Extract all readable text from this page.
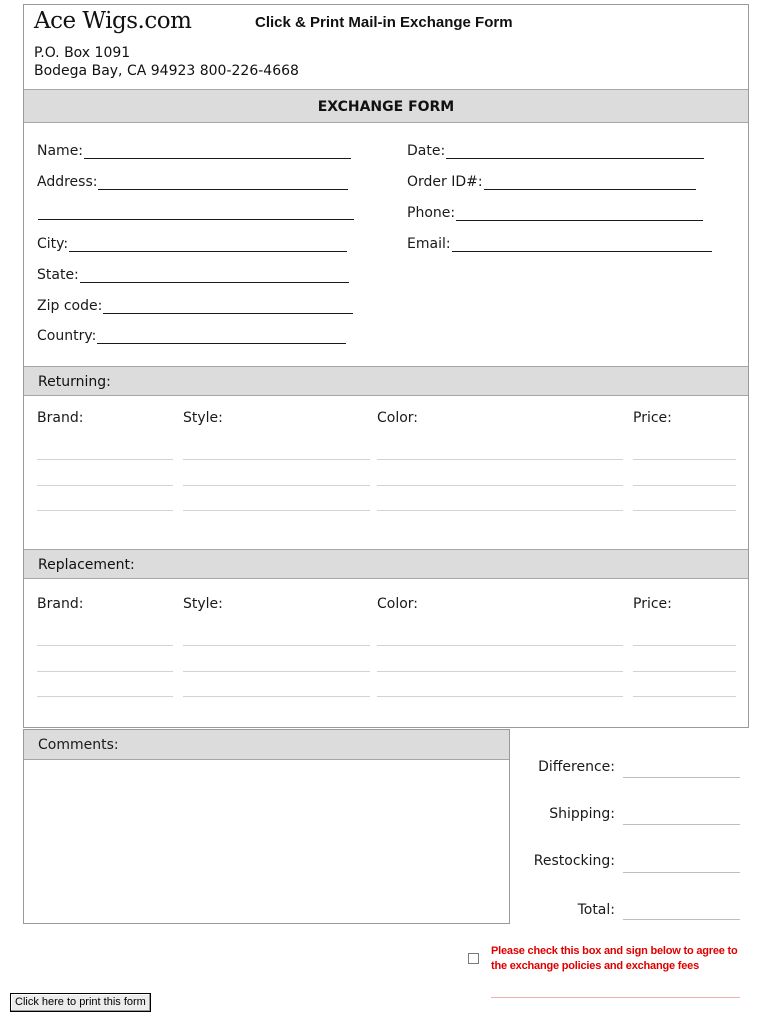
Ace Wigs.com	Click & Print Mail-in Exchange Form
P.O. Box 1091
Bodega Bay, CA 94923 800-226-4668
EXCHANGE FORM
Name:
Address:
City:
State:
Zip code:
Country:
Date:
Order ID#:
Phone:
Email:
Returning:
Brand:	Style:	Color:	Price:
Replacement:
Brand:	Style:	Color:	Price:
Comments:
Difference:
Shipping:
Restocking:
Total:
Please check this box and sign below to agree to the exchange policies and exchange fees
Click here to print this form
